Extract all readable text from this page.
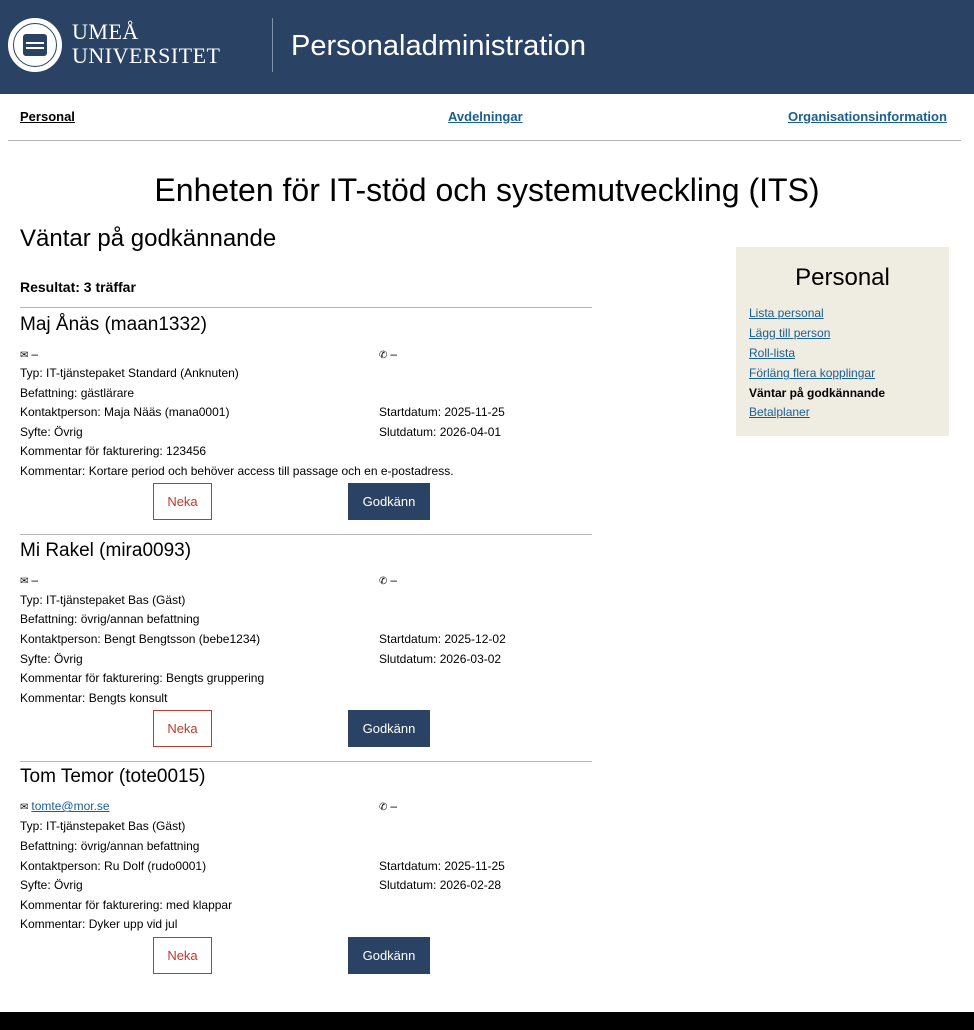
UMEÅ
UNIVERSITET Personaladministration
Personal	Avdelningar	Organisationsinformation
Enheten för IT-stöd och systemutveckling (ITS)
Väntar på godkännande
Resultat: 3 träffar
Maj Ånäs (maan1332)
✉ –	✆ –
Typ: IT-tjänstepaket Standard (Anknuten)
Befattning: gästlärare
Kontaktperson: Maja Nääs (mana0001)	Startdatum: 2025-11-25
Syfte: Övrig	Slutdatum: 2026-04-01
Kommentar för fakturering: 123456
Kommentar: Kortare period och behöver access till passage och en e-postadress.
Neka	Godkänn
Mi Rakel (mira0093)
✉ –	✆ –
Typ: IT-tjänstepaket Bas (Gäst)
Befattning: övrig/annan befattning
Kontaktperson: Bengt Bengtsson (bebe1234)	Startdatum: 2025-12-02
Syfte: Övrig	Slutdatum: 2026-03-02
Kommentar för fakturering: Bengts gruppering
Kommentar: Bengts konsult
Neka	Godkänn
Tom Temor (tote0015)
✉ tomte@mor.se	✆ –
Typ: IT-tjänstepaket Bas (Gäst)
Befattning: övrig/annan befattning
Kontaktperson: Ru Dolf (rudo0001)	Startdatum: 2025-11-25
Syfte: Övrig	Slutdatum: 2026-02-28
Kommentar för fakturering: med klappar
Kommentar: Dyker upp vid jul
Neka	Godkänn
Personal
Lista personal
Lägg till person
Roll-lista
Förläng flera kopplingar
Väntar på godkännande
Betalplaner
